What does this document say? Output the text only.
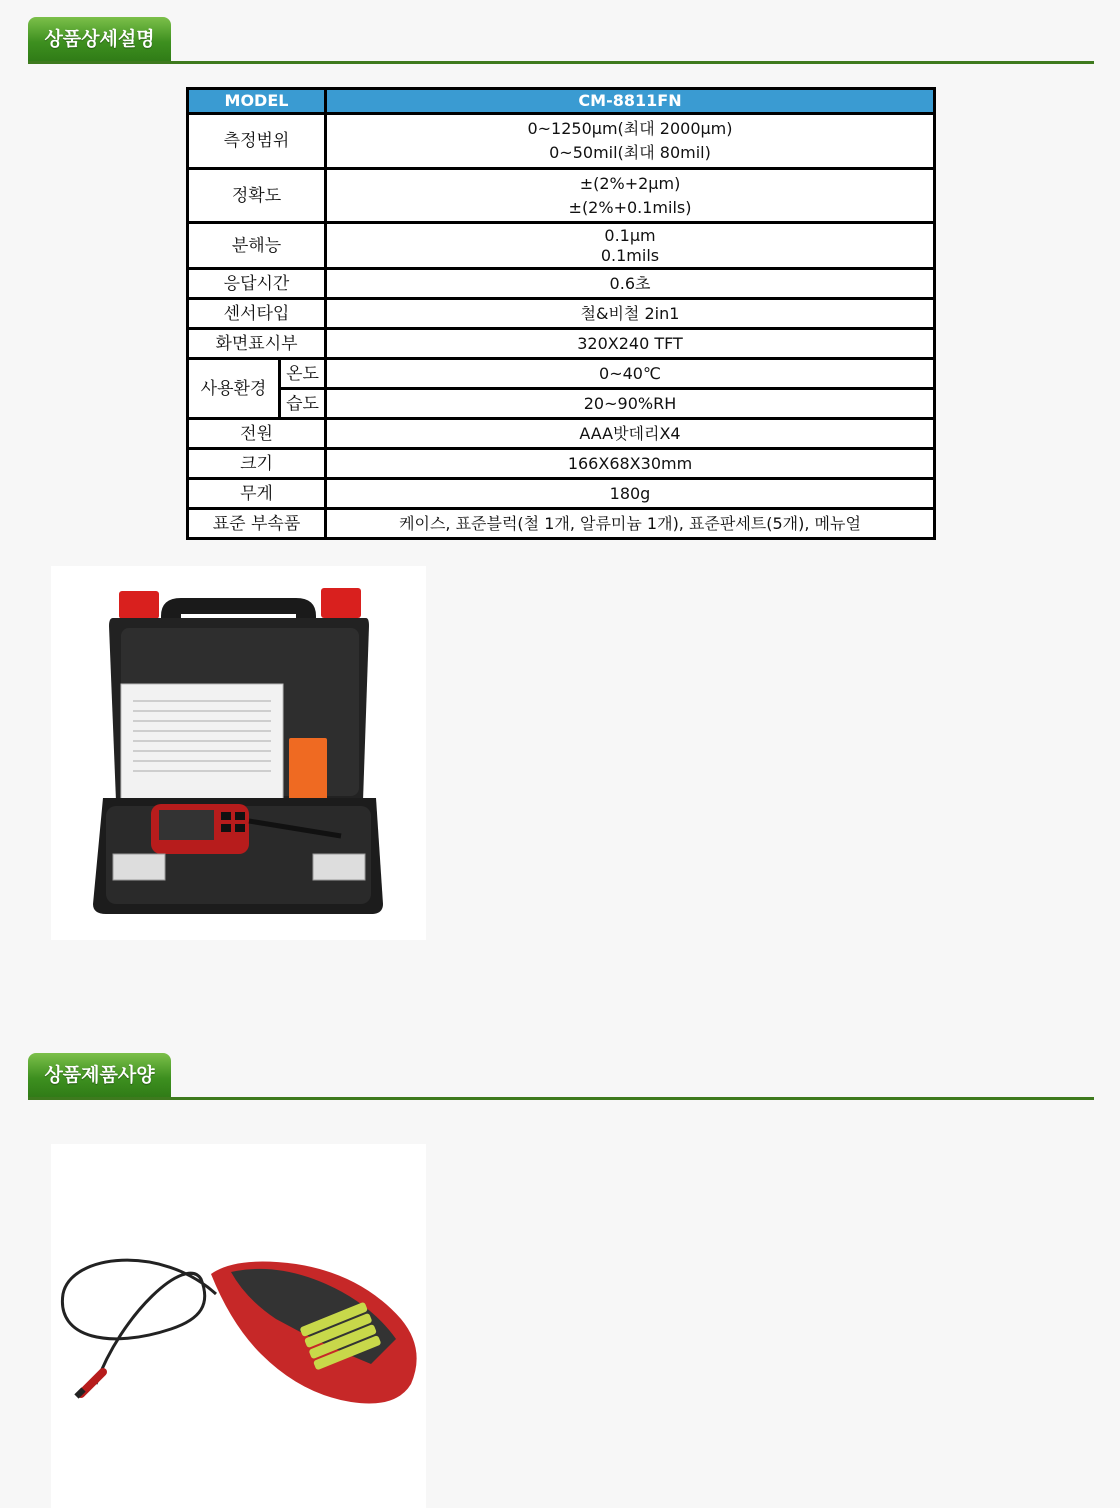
상품상세설명
MODEL		CM-8811FN
측정범위		0~1250μm(최대 2000μm)
0~50mil(최대 80mil)

정확도		±(2%+2μm)
±(2%+0.1mils)

분해능		0.1μm
0.1mils

응답시간		0.6초
센서타입		철&비철 2in1
화면표시부		320X240 TFT
사용환경	온도	0~40℃
	습도	20~90%RH
전원		AAA밧데리X4
크기		166X68X30mm
무게		180g
표준 부속품		케이스, 표준블럭(철 1개, 알류미늄 1개), 표준판세트(5개), 메뉴얼
상품제품사양
